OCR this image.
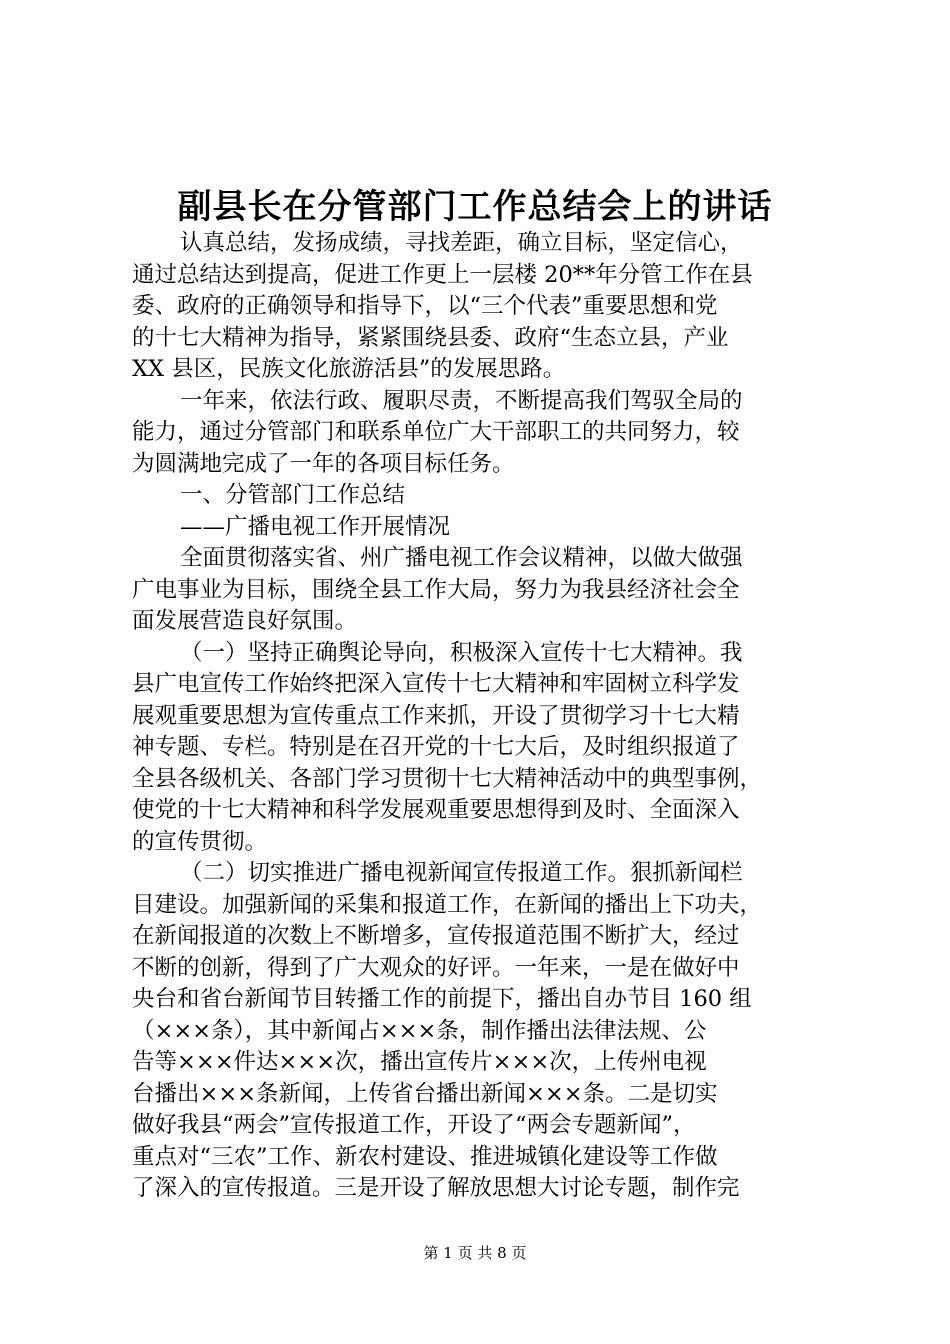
副县长在分管部门工作总结会上的讲话
认真总结，发扬成绩，寻找差距，确立目标，坚定信心，
通过总结达到提高，促进工作更上一层楼 20**年分管工作在县
委、政府的正确领导和指导下，以“三个代表”重要思想和党
的十七大精神为指导，紧紧围绕县委、政府“生态立县，产业
XX 县区，民族文化旅游活县”的发展思路。
一年来，依法行政、履职尽责，不断提高我们驾驭全局的
能力，通过分管部门和联系单位广大干部职工的共同努力，较
为圆满地完成了一年的各项目标任务。
一、分管部门工作总结
——广播电视工作开展情况
全面贯彻落实省、州广播电视工作会议精神，以做大做强
广电事业为目标，围绕全县工作大局，努力为我县经济社会全
面发展营造良好氛围。
（一）坚持正确舆论导向，积极深入宣传十七大精神。我
县广电宣传工作始终把深入宣传十七大精神和牢固树立科学发
展观重要思想为宣传重点工作来抓，开设了贯彻学习十七大精
神专题、专栏。特别是在召开党的十七大后，及时组织报道了
全县各级机关、各部门学习贯彻十七大精神活动中的典型事例，
使党的十七大精神和科学发展观重要思想得到及时、全面深入
的宣传贯彻。
（二）切实推进广播电视新闻宣传报道工作。狠抓新闻栏
目建设。加强新闻的采集和报道工作，在新闻的播出上下功夫，
在新闻报道的次数上不断增多，宣传报道范围不断扩大，经过
不断的创新，得到了广大观众的好评。一年来，一是在做好中
央台和省台新闻节目转播工作的前提下，播出自办节目 160 组
（×××条），其中新闻占×××条，制作播出法律法规、公
告等×××件达×××次，播出宣传片×××次，上传州电视
台播出×××条新闻，上传省台播出新闻×××条。二是切实
做好我县“两会”宣传报道工作，开设了“两会专题新闻”，
重点对“三农”工作、新农村建设、推进城镇化建设等工作做
了深入的宣传报道。三是开设了解放思想大讨论专题，制作完
第 1 页 共 8 页
